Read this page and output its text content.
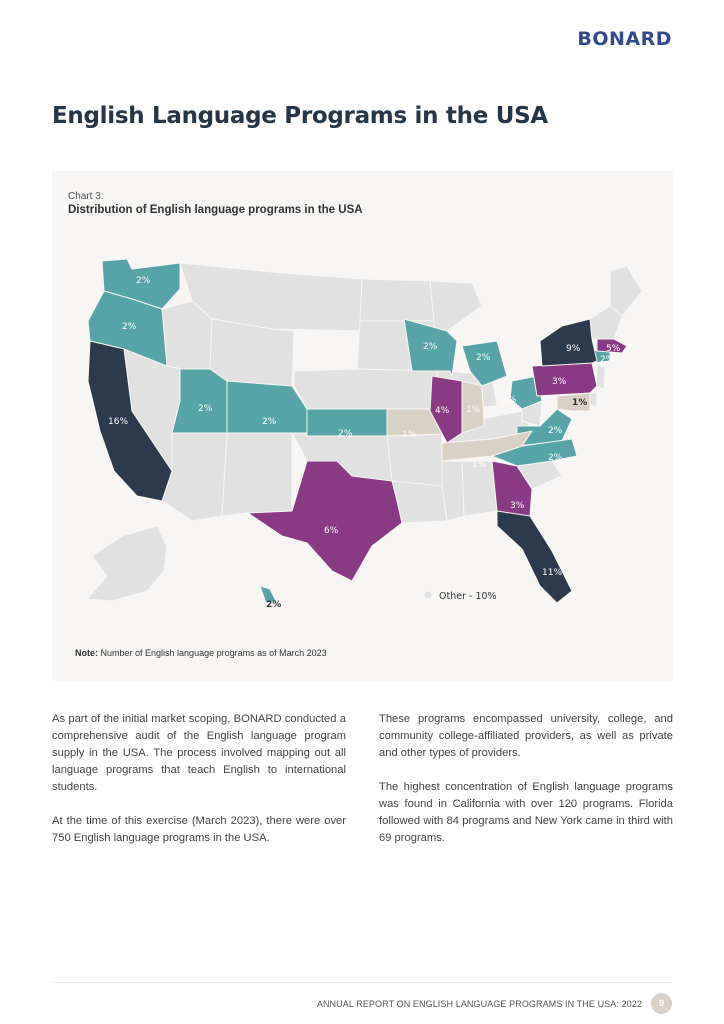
BONARD
English Language Programs in the USA
Chart 3:
Distribution of English language programs in the USA
2%
2%
16%
2%
2%
2%
2%
2%
4% 1%
1%
2%
9%	5%
2%
3%
1%
2%
2%
1%
3%
6%
11%
2%
Other - 10%
Note: Number of English language programs as of March 2023

As part of the initial market scoping, BONARD conducted a comprehensive audit of the English language program supply in the USA. The process involved mapping out all language programs that teach English to international students.

At the time of this exercise (March 2023), there were over 750 English language programs in the USA.

These programs encompassed university, college, and community college-affiliated providers, as well as private and other types of providers.

The highest concentration of English language programs was found in California with over 120 programs. Florida followed with 84 programs and New York came in third with 69 programs.

ANNUAL REPORT ON ENGLISH LANGUAGE PROGRAMS IN THE USA: 2022	9
